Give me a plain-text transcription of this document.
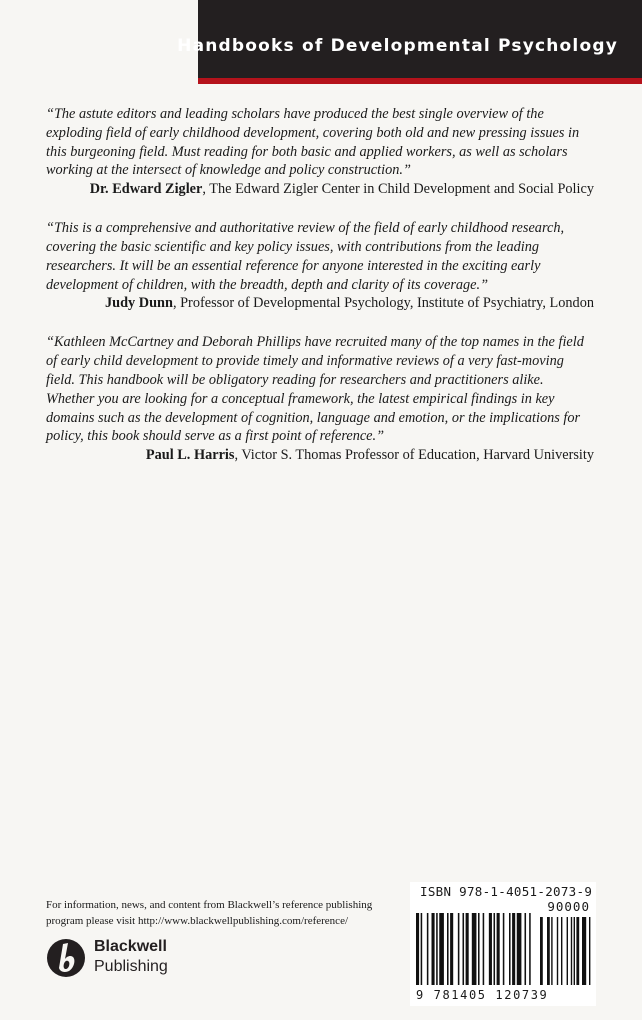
Handbooks of Developmental Psychology

“The astute editors and leading scholars have produced the best single overview of the exploding field of early childhood development, covering both old and new pressing issues in this burgeoning field. Must reading for both basic and applied workers, as well as scholars working at the intersect of knowledge and policy construction.”

Dr. Edward Zigler, The Edward Zigler Center in Child Development and Social Policy

“This is a comprehensive and authoritative review of the field of early childhood research, covering the basic scientific and key policy issues, with contributions from the leading researchers. It will be an essential reference for anyone interested in the exciting early development of children, with the breadth, depth and clarity of its coverage.”

Judy Dunn, Professor of Developmental Psychology, Institute of Psychiatry, London

“Kathleen McCartney and Deborah Phillips have recruited many of the top names in the field of early child development to provide timely and informative reviews of a very fast-moving field. This handbook will be obligatory reading for researchers and practitioners alike. Whether you are looking for a conceptual framework, the latest empirical findings in key domains such as the development of cognition, language and emotion, or the implications for policy, this book should serve as a first point of reference.”

Paul L. Harris, Victor S. Thomas Professor of Education, Harvard University

For information, news, and content from Blackwell’s reference publishing program please visit http://www.blackwellpublishing.com/reference/
Blackwell
Publishing
ISBN 978-1-4051-2073-9
90000
9 781405 120739
